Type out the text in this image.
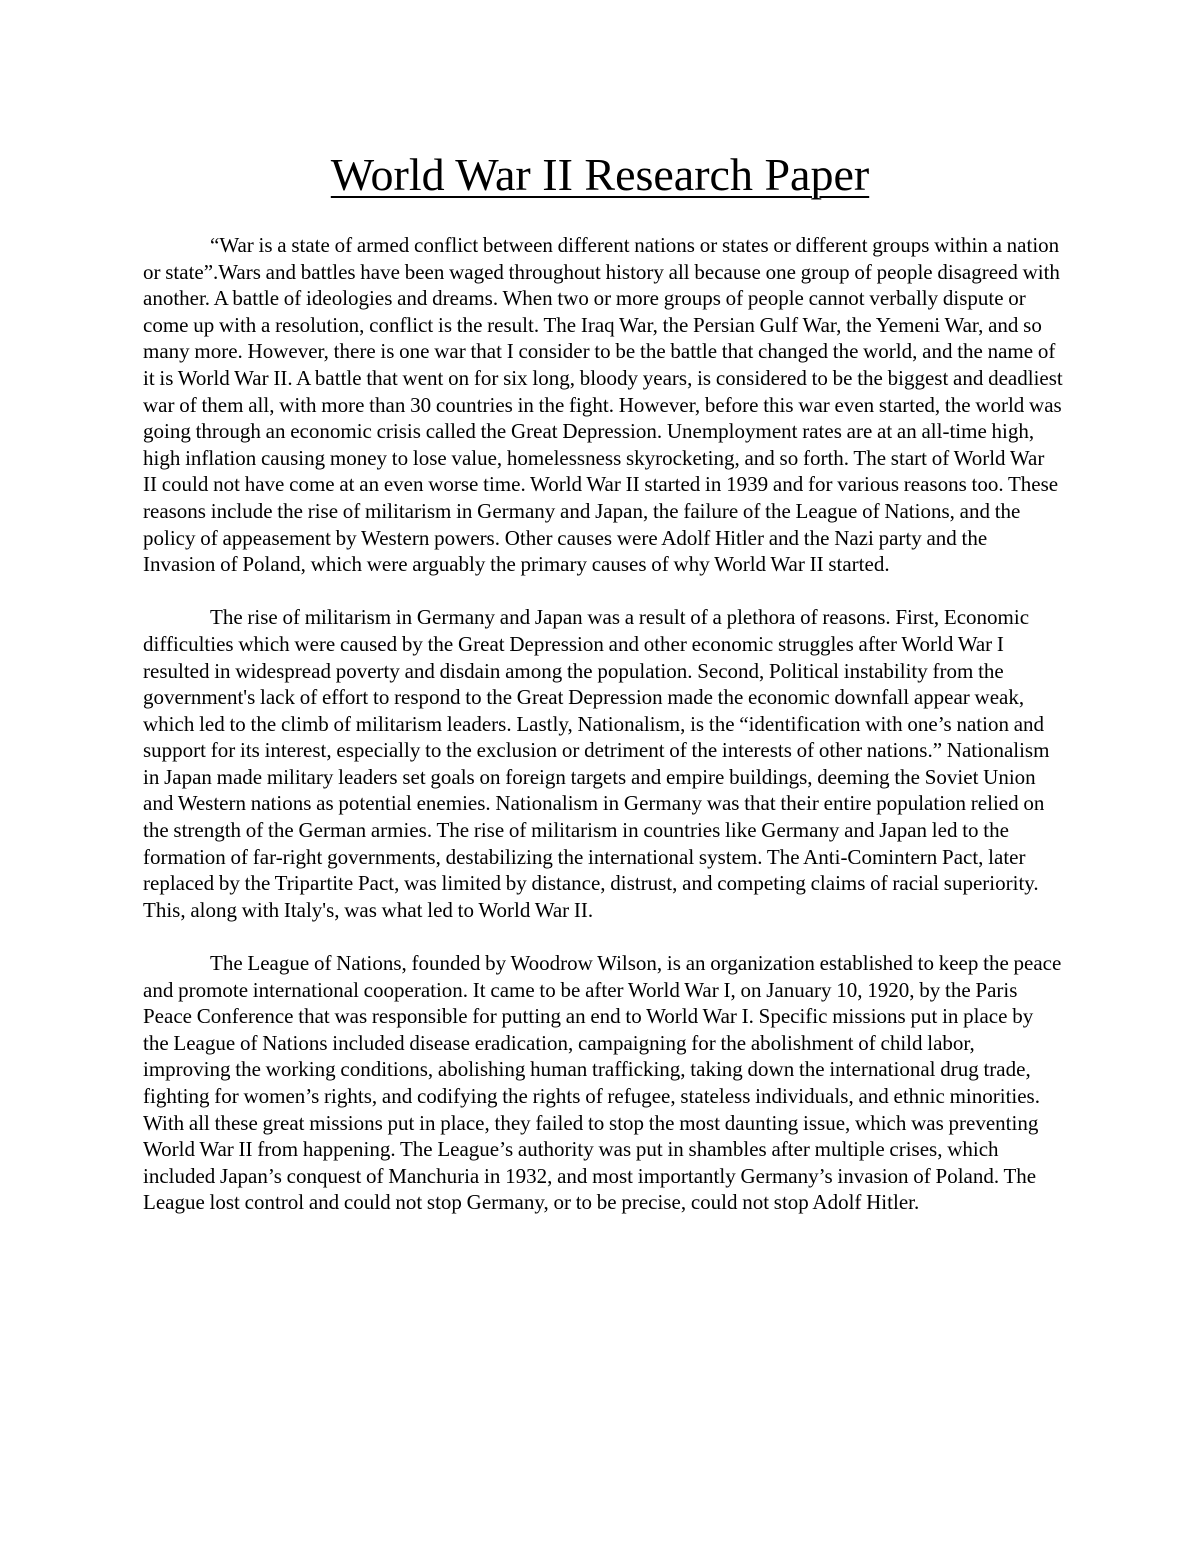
World War II Research Paper

“War is a state of armed conflict between different nations or states or different groups within a nation or state”.Wars and battles have been waged throughout history all because one group of people disagreed with another. A battle of ideologies and dreams. When two or more groups of people cannot verbally dispute or come up with a resolution, conflict is the result. The Iraq War, the Persian Gulf War, the Yemeni War, and so many more. However, there is one war that I consider to be the battle that changed the world, and the name of it is World War II. A battle that went on for six long, bloody years, is considered to be the biggest and deadliest war of them all, with more than 30 countries in the fight. However, before this war even started, the world was going through an economic crisis called the Great Depression. Unemployment rates are at an all-time high, high inflation causing money to lose value, homelessness skyrocketing, and so forth. The start of World War II could not have come at an even worse time. World War II started in 1939 and for various reasons too. These reasons include the rise of militarism in Germany and Japan, the failure of the League of Nations, and the policy of appeasement by Western powers. Other causes were Adolf Hitler and the Nazi party and the Invasion of Poland, which were arguably the primary causes of why World War II started.

The rise of militarism in Germany and Japan was a result of a plethora of reasons. First, Economic difficulties which were caused by the Great Depression and other economic struggles after World War I resulted in widespread poverty and disdain among the population. Second, Political instability from the government's lack of effort to respond to the Great Depression made the economic downfall appear weak, which led to the climb of militarism leaders. Lastly, Nationalism, is the “identification with one’s nation and support for its interest, especially to the exclusion or detriment of the interests of other nations.” Nationalism in Japan made military leaders set goals on foreign targets and empire buildings, deeming the Soviet Union and Western nations as potential enemies. Nationalism in Germany was that their entire population relied on the strength of the German armies. The rise of militarism in countries like Germany and Japan led to the formation of far-right governments, destabilizing the international system. The Anti-Comintern Pact, later replaced by the Tripartite Pact, was limited by distance, distrust, and competing claims of racial superiority. This, along with Italy's, was what led to World War II.

The League of Nations, founded by Woodrow Wilson, is an organization established to keep the peace and promote international cooperation. It came to be after World War I, on January 10, 1920, by the Paris Peace Conference that was responsible for putting an end to World War I. Specific missions put in place by the League of Nations included disease eradication, campaigning for the abolishment of child labor, improving the working conditions, abolishing human trafficking, taking down the international drug trade, fighting for women’s rights, and codifying the rights of refugee, stateless individuals, and ethnic minorities. With all these great missions put in place, they failed to stop the most daunting issue, which was preventing World War II from happening. The League’s authority was put in shambles after multiple crises, which included Japan’s conquest of Manchuria in 1932, and most importantly Germany’s invasion of Poland. The League lost control and could not stop Germany, or to be precise, could not stop Adolf Hitler.
